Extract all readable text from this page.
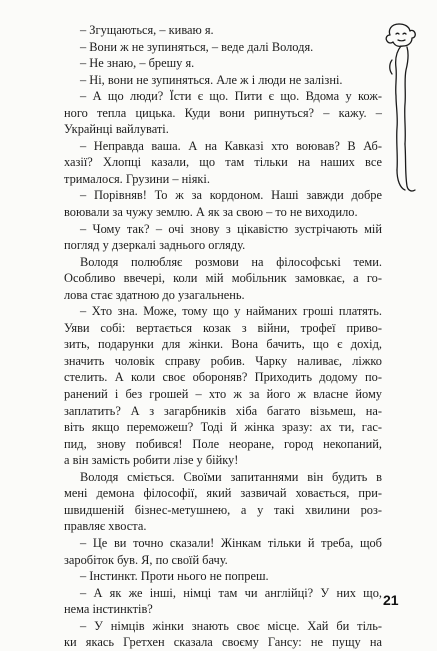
– Згущаються, – киваю я.
– Вони ж не зупиняться, – веде далі Володя.
– Не знаю, – брешу я.
– Ні, вони не зупиняться. Але ж і люди не залізні.
– А що люди? Їсти є що. Пити є що. Вдома у кож-
ного тепла цицька. Куди вони рипнуться? – кажу. –
Украйнці вайлуваті.
– Неправда ваша. А на Кавказі хто воював? В Аб-
хазії? Хлопці казали, що там тільки на наших все
трималося. Грузини – ніякі.
– Порівняв! То ж за кордоном. Наші завжди добре
воювали за чужу землю. А як за свою – то не виходило.
– Чому так? – очі знову з цікавістю зустрічають мій
погляд у дзеркалі заднього огляду.
Володя полюбляє розмови на філософські теми.
Особливо ввечері, коли мій мобільник замовкає, а го-
лова стає здатною до узагальнень.
– Хто зна. Може, тому що у найманих гроші платять.
Уяви собі: вертається козак з війни, трофеї приво-
зить, подарунки для жінки. Вона бачить, що є дохід,
значить чоловік справу робив. Чарку наливає, ліжко
стелить. А коли своє обороняв? Приходить додому по-
ранений і без грошей – хто ж за його ж власне йому
заплатить? А з загарбників хіба багато візьмеш, на-
віть якщо переможеш? Тоді й жінка зразу: ах ти, гас-
пид, знову побився! Поле неоране, город некопаний,
а він замість робити лізе у бійку!
Володя сміється. Своїми запитаннями він будить в
мені демона філософії, який зазвичай ховається, при-
швидшеній бізнес-метушнею, а у такі хвилини роз-
правляє хвоста.
– Це ви точно сказали! Жінкам тільки й треба, щоб
заробіток був. Я, по своїй бачу.
– Інстинкт. Проти нього не попреш.
– А як же інші, німці там чи англійці? У них що,
нема інстинктів?
– У німців жінки знають своє місце. Хай би тіль-
ки якась Гретхен сказала своєму Гансу: не пущу на
21
